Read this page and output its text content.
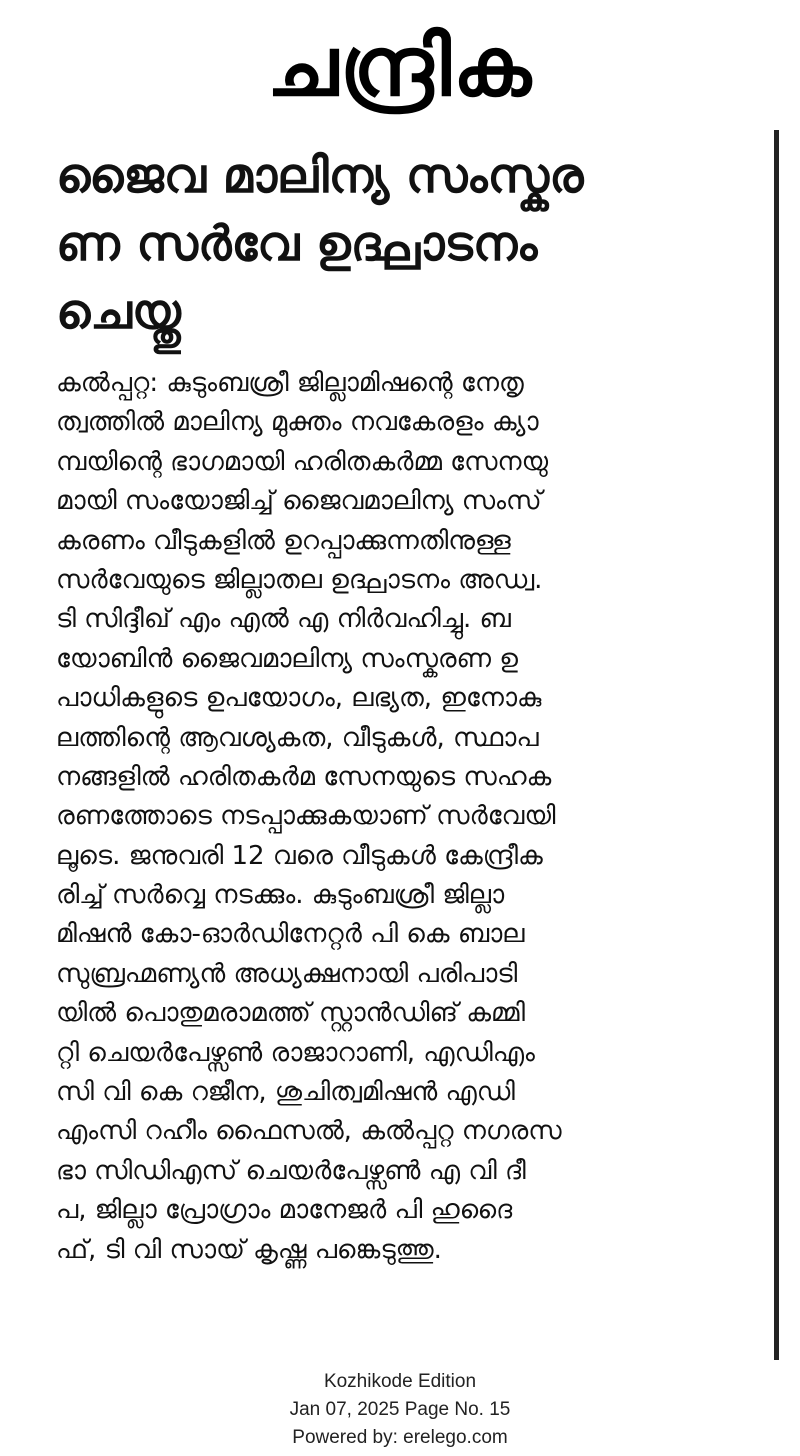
ചന്ദ്രിക
ജൈവ മാലിന്യ സംസ്കര
ണ സർവേ ഉദ്ഘാടനം
ചെയ്തു
കൽപ്പറ്റ: കുടുംബശ്രീ ജില്ലാമിഷന്റെ നേതൃ
ത്വത്തിൽ മാലിന്യ മുക്തം നവകേരളം ക്യാ
മ്പയിന്റെ ഭാഗമായി ഹരിതകർമ്മ സേനയു
മായി സംയോജിച്ച് ജൈവമാലിന്യ സംസ്
കരണം വീടുകളിൽ ഉറപ്പാക്കുന്നതിനുള്ള
സർവേയുടെ ജില്ലാതല ഉദ്ഘാടനം അഡ്വ.
ടി സിദ്ദീഖ് എം എൽ എ നിർവഹിച്ചു. ബ
യോബിൻ ജൈവമാലിന്യ സംസ്കരണ ഉ
പാധികളുടെ ഉപയോഗം, ലഭ്യത, ഇനോകു
ലത്തിന്റെ ആവശ്യകത, വീടുകൾ, സ്ഥാപ
നങ്ങളിൽ ഹരിതകർമ സേനയുടെ സഹക
രണത്തോടെ നടപ്പാക്കുകയാണ് സർവേയി
ലൂടെ. ജനുവരി 12 വരെ വീടുകൾ കേന്ദ്രീക
രിച്ച് സർവ്വെ നടക്കും. കുടുംബശ്രീ ജില്ലാ
മിഷൻ കോ-ഓർഡിനേറ്റർ പി കെ ബാല
സുബ്രഹ്മണ്യൻ അധ്യക്ഷനായി പരിപാടി
യിൽ പൊതുമരാമത്ത് സ്റ്റാൻഡിങ് കമ്മി
റ്റി ചെയർപേഴ്സൺ രാജാറാണി, എഡിഎം
സി വി കെ റജീന, ശുചിത്വമിഷൻ എഡി
എംസി റഹീം ഫൈസൽ, കൽപ്പറ്റ നഗരസ
ഭാ സിഡിഎസ് ചെയർപേഴ്സൺ എ വി ദീ
പ, ജില്ലാ പ്രോഗ്രാം മാനേജർ പി ഹുദൈ
ഫ്, ടി വി സായ് കൃഷ്ണ പങ്കെടുത്തു.
Kozhikode Edition
Jan 07, 2025 Page No. 15
Powered by: erelego.com
